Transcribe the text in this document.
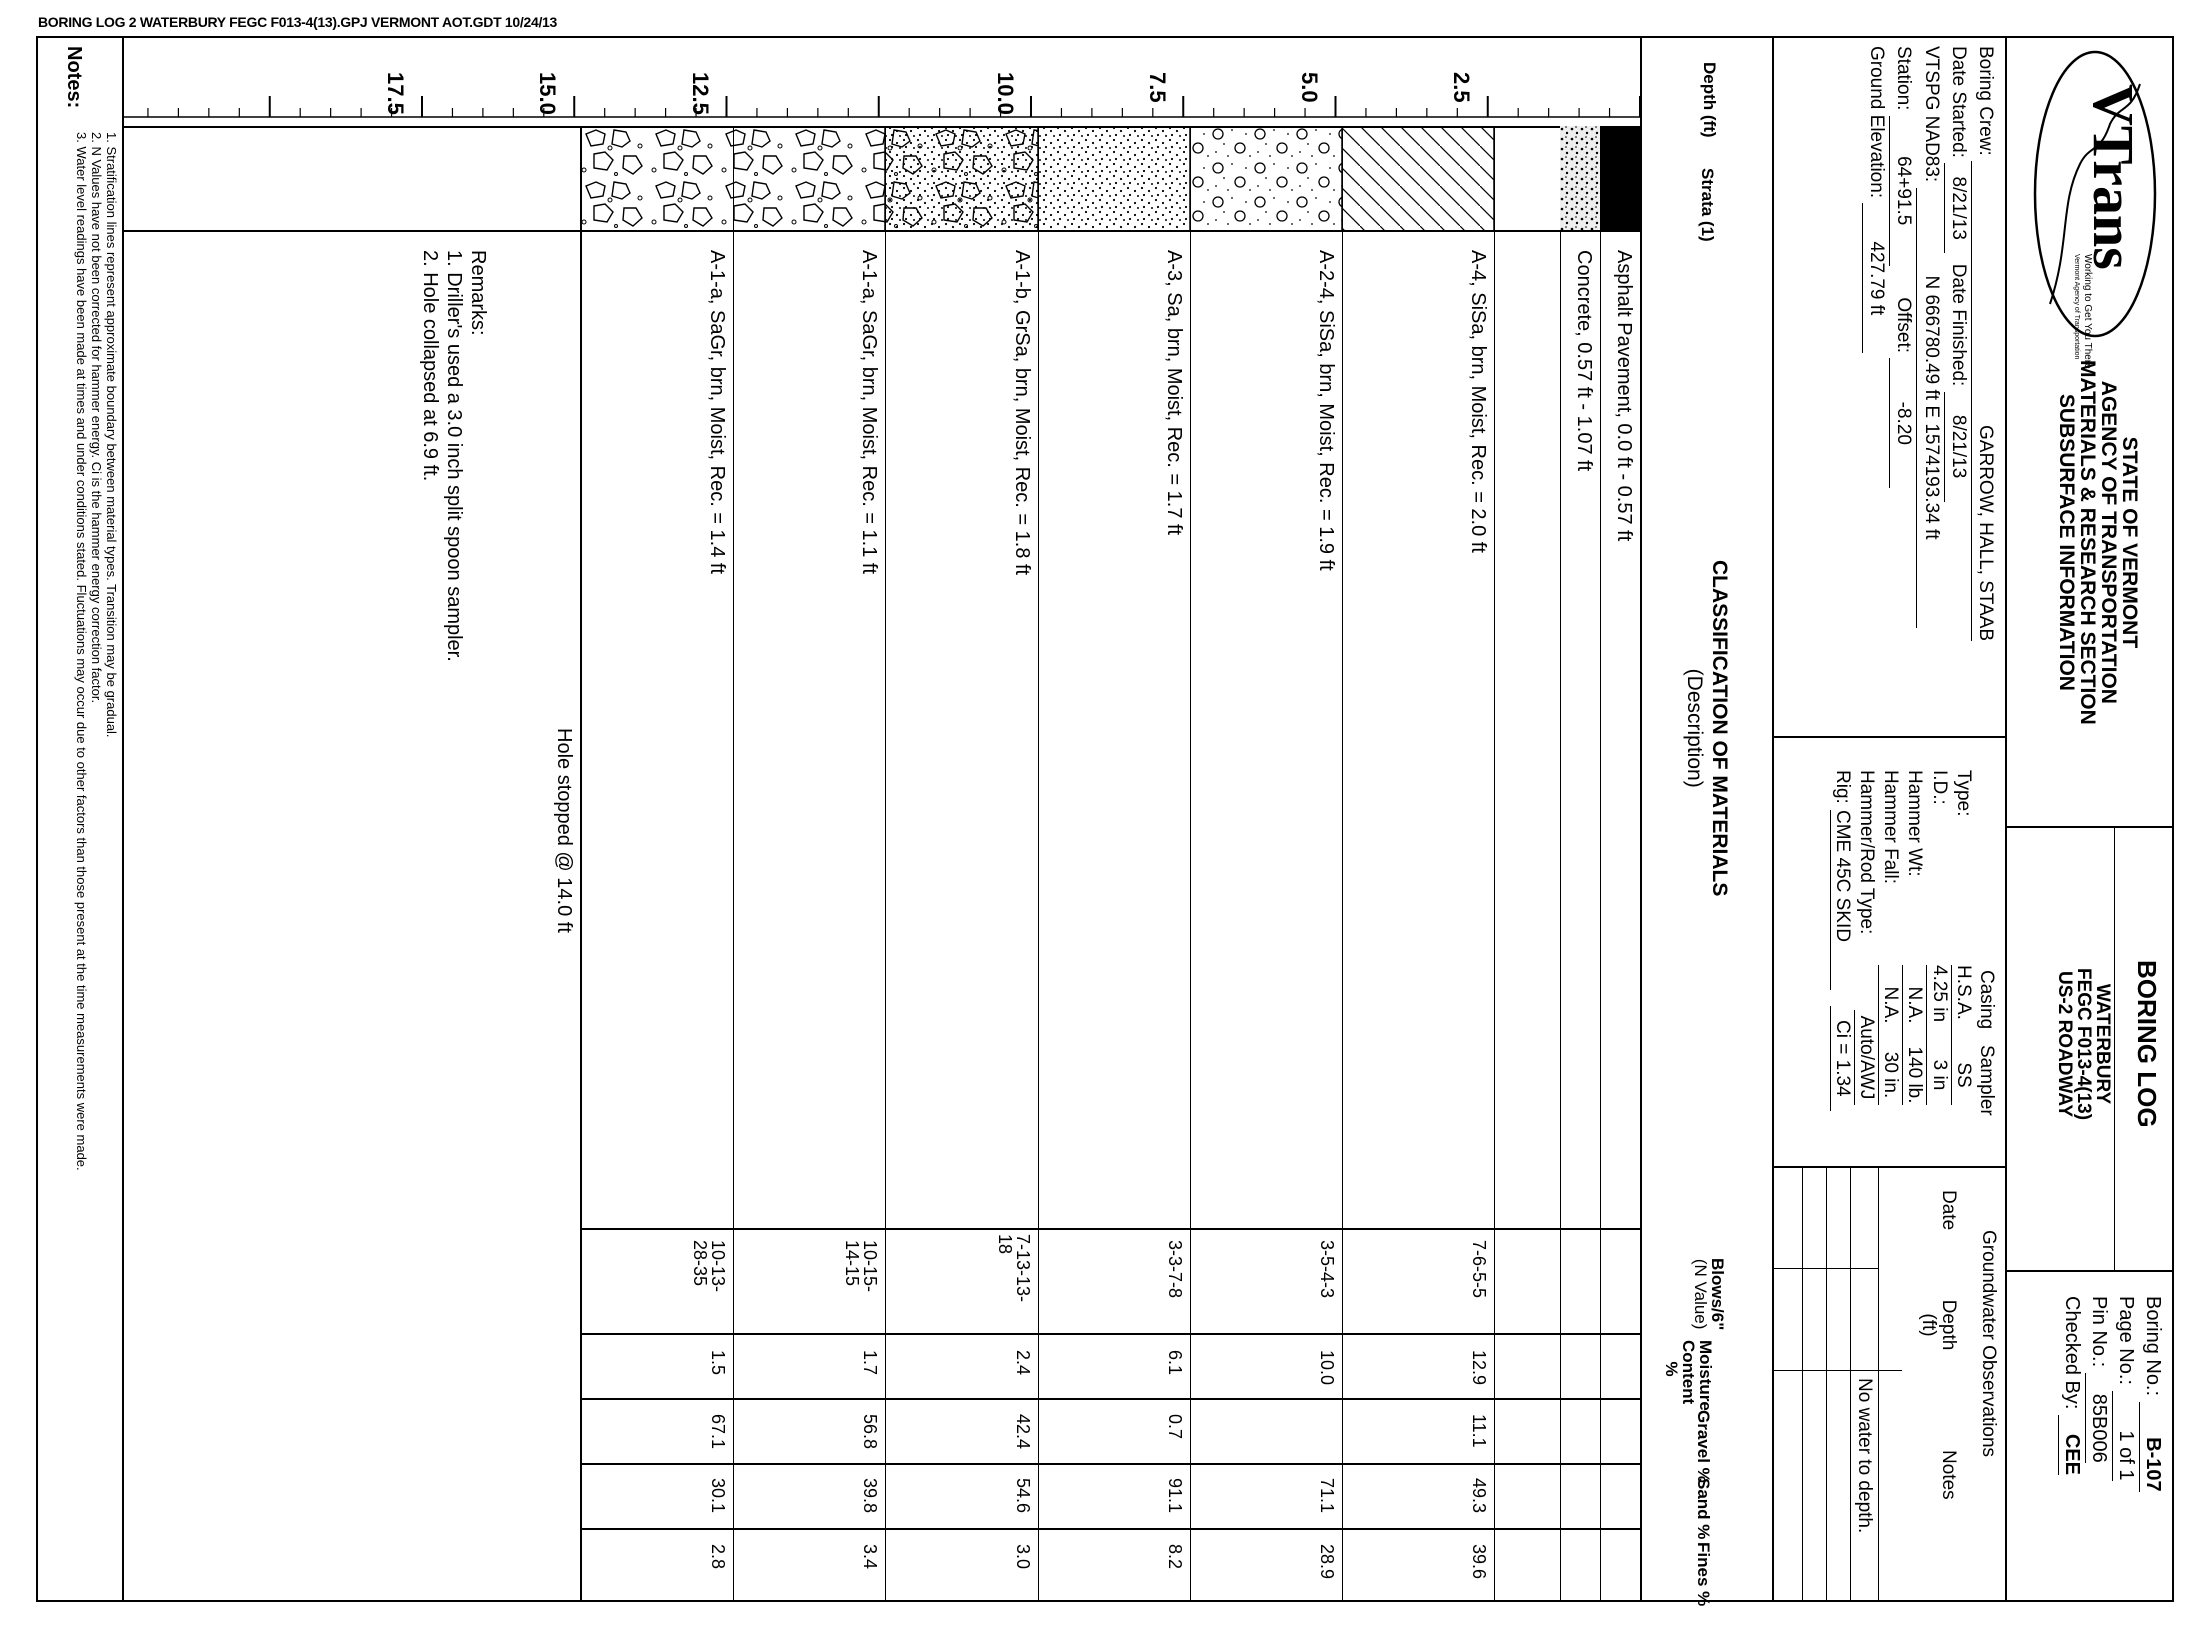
BORING LOG 2 WATERBURY FEGC F013-4(13).GPJ VERMONT AOT.GDT 10/24/13
2.5
5.0
7.5
10.0
12.5
15.0
17.5	Depth (ft)
Strata (1)
CLASSIFICATION OF MATERIALS
(Description)
Blows/6"
(N Value)
Moisture Content %
Gravel %
Sand %
Fines %
Asphalt Pavement, 0.0 ft - 0.57 ft
Concrete, 0.57 ft - 1.07 ft
A-4, SiSa, brn, Moist, Rec. = 2.0 ft
A-2-4, SiSa, brn, Moist, Rec. = 1.9 ft
A-3, Sa, brn, Moist, Rec. = 1.7 ft
A-1-b, GrSa, brn, Moist, Rec. = 1.8 ft
A-1-a, SaGr, brn, Moist, Rec. = 1.1 ft
A-1-a, SaGr, brn, Moist, Rec. = 1.4 ft
Hole stopped @ 14.0 ft
Remarks:
1. Driller's used a 3.0 inch split spoon sampler.
2. Hole collapsed at 6.9 ft.
7-6-5-5
3-5-4-3
3-3-7-8
7-13-13-18
10-15-14-15
10-13-28-35
12.9
10.0
6.1
2.4
1.7
1.5
11.1
0.7
42.4
56.8
67.1
49.3
71.1
91.1
54.6
39.8
30.1
39.6
28.9
8.2
3.0
3.4
2.8
Notes:
1. Stratification lines represent approximate boundary between material types. Transition may be gradual.
2. N Values have not been corrected for hammer energy. Ci is the hammer energy correction factor.
3. Water level readings have been made at times and under conditions stated. Fluctuations may occur due to other factors than those present at the time measurements were made.	VTrans
Working to Get You There
Vermont Agency of Transportation
STATE OF VERMONT
AGENCY OF TRANSPORTATION
MATERIALS & RESEARCH SECTION
SUBSURFACE INFORMATION
BORING LOG
WATERBURY
FEGC F013-4(13)
US-2 ROADWAY
Boring No.: B-107
Page No.: 1 of 1
Pin No.: 85B006
Checked By: CEE
Boring Crew: GARROW, HALL, STAAB
Date Started: 8/21/13  Date Finished: 8/21/13
VTSPG NAD83: N 666780.49 ft E 1574193.34 ft
Station: 64+91.5      Offset: -8.20
Ground Elevation: 427.79 ft
Casing   Sampler
Type:H.S.A.SS
I.D.:4.25 in3 in
Hammer Wt:N.A.140 lb.
Hammer Fall:N.A.30 in.
Hammer/Rod Type:Auto/AWJ
Rig:CME 45C SKID   Ci = 1.34
Groundwater Observations
Date
Depth (ft)
Notes
No water to depth.
